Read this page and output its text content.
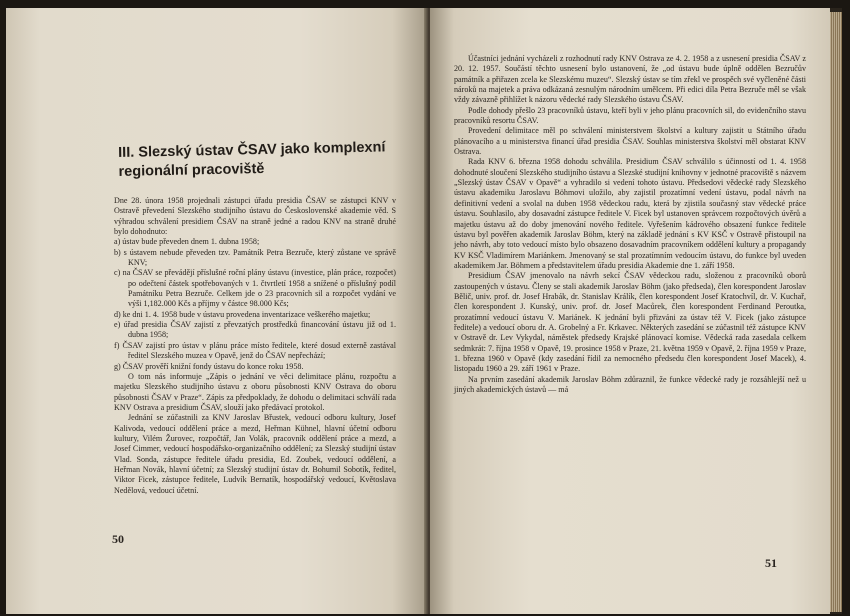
III. Slezský ústav ČSAV jako komplexní regionální pracoviště

Dne 28. února 1958 projednali zástupci úřadu presidia ČSAV se zástupci KNV v Ostravě převedení Slezského studijního ústavu do Československé akademie věd. S výhradou schválení presidiem ČSAV na straně jedné a radou KNV na straně druhé bylo dohodnuto:

a) ústav bude převeden dnem 1. dubna 1958;

b) s ústavem nebude převeden tzv. Památník Petra Bezruče, který zůstane ve správě KNV;

c) na ČSAV se převádějí příslušné roční plány ústavu (investice, plán práce, rozpočet) po odečtení částek spotřebovaných v 1. čtvrtletí 1958 a snížené o příslušný podíl Památníku Petra Bezruče. Celkem jde o 23 pracovních sil a rozpočet vydání ve výši 1,182.000 Kčs a příjmy v částce 98.000 Kčs;

d) ke dni 1. 4. 1958 bude v ústavu provedena inventarizace veškerého majetku;

e) úřad presidia ČSAV zajistí z převzatých prostředků financování ústavu již od 1. dubna 1958;

f) ČSAV zajistí pro ústav v plánu práce místo ředitele, které dosud externě zastával ředitel Slezského muzea v Opavě, jenž do ČSAV nepřechází;

g) ČSAV prověří knižní fondy ústavu do konce roku 1958.

O tom nás informuje „Zápis o jednání ve věci delimitace plánu, rozpočtu a majetku Slezského studijního ústavu z oboru působnosti KNV Ostrava do oboru působnosti ČSAV v Praze“. Zápis za předpoklady, že dohodu o delimitaci schválí rada KNV Ostrava a presidium ČSAV, slouží jako předávací protokol.

Jednání se zúčastnili za KNV Jaroslav Břustek, vedoucí odboru kultury, Josef Kalivoda, vedoucí oddělení práce a mezd, Heřman Kühnel, hlavní účetní odboru kultury, Vilém Žurovec, rozpočtář, Jan Volák, pracovník oddělení práce a mezd, a Josef Cimmer, vedoucí hospodářsko-organizačního oddělení; za Slezský studijní ústav Vlad. Sonda, zástupce ředitele úřadu presidia, Ed. Zoubek, vedoucí oddělení, a Heřman Novák, hlavní účetní; za Slezský studijní ústav dr. Bohumil Sobotík, ředitel, Viktor Ficek, zástupce ředitele, Ludvík Bernatík, hospodářský vedoucí, Květoslava Nedělová, vedoucí účetní.

50

Účastníci jednání vycházeli z rozhodnutí rady KNV Ostrava ze 4. 2. 1958 a z usnesení presidia ČSAV z 20. 12. 1957. Součástí těchto usnesení bylo ustanovení, že „od ústavu bude úplně oddělen Bezručův památník a přiřazen zcela ke Slezskému muzeu“. Slezský ústav se tím zřekl ve prospěch své vyčleněné části nároků na majetek a práva odkázaná zesnulým národním umělcem. Při edici díla Petra Bezruče měl se však vždy závazně přihlížet k názoru vědecké rady Slezského ústavu ČSAV.

Podle dohody přešlo 23 pracovníků ústavu, kteří byli v jeho plánu pracovních sil, do evidenčního stavu pracovníků resortu ČSAV.

Provedení delimitace měl po schválení ministerstvem školství a kultury zajistit u Státního úřadu plánovacího a u ministerstva financí úřad presidia ČSAV. Souhlas ministerstva školství měl obstarat KNV Ostrava.

Rada KNV 6. března 1958 dohodu schválila. Presidium ČSAV schválilo s účinností od 1. 4. 1958 dohodnuté sloučení Slezského studijního ústavu a Slezské studijní knihovny v jednotné pracoviště s názvem „Slezský ústav ČSAV v Opavě“ a vyhradilo si vedení tohoto ústavu. Předsedovi vědecké rady Slezského ústavu akademiku Jaroslavu Böhmovi uložilo, aby zajistil prozatímní vedení ústavu, podal návrh na definitivní vedení a svolal na duben 1958 vědeckou radu, která by zjistila současný stav vědecké práce ústavu. Souhlasilo, aby dosavadní zástupce ředitele V. Ficek byl ustanoven správcem rozpočtových úvěrů a majetku ústavu až do doby jmenování nového ředitele. Vyřešením kádrového obsazení funkce ředitele ústavu byl pověřen akademik Jaroslav Böhm, který na základě jednání s KV KSČ v Ostravě přistoupil na jeho návrh, aby toto vedoucí místo bylo obsazeno dosavadním pracovníkem oddělení kultury a propagandy KV KSČ Vladimírem Mariánkem. Jmenovaný se stal prozatímním vedoucím ústavu, do funkce byl uveden akademikem Jar. Böhmem a představitelem úřadu presidia Akademie dne 1. září 1958.

Presidium ČSAV jmenovalo na návrh sekcí ČSAV vědeckou radu, složenou z pracovníků oborů zastoupených v ústavu. Členy se stali akademik Jaroslav Böhm (jako předseda), člen korespondent Jaroslav Bělič, univ. prof. dr. Josef Hrabák, dr. Stanislav Králík, člen korespondent Josef Kratochvíl, dr. V. Kuchař, člen korespondent J. Kunský, univ. prof. dr. Josef Macůrek, člen korespondent Ferdinand Peroutka, prozatímní vedoucí ústavu V. Mariánek. K jednání byli přizváni za ústav též V. Ficek (jako zástupce ředitele) a vedoucí oboru dr. A. Grobelný a Fr. Krkavec. Některých zasedání se zúčastnil též zástupce KNV v Ostravě dr. Lev Vykydal, náměstek předsedy Krajské plánovací komise. Vědecká rada zasedala celkem sedmkrát: 7. října 1958 v Opavě, 19. prosince 1958 v Praze, 21. května 1959 v Opavě, 2. října 1959 v Praze, 1. března 1960 v Opavě (kdy zasedání řídil za nemocného předsedu člen korespondent Josef Macek), 4. listopadu 1960 a 29. září 1961 v Praze.

Na prvním zasedání akademik Jaroslav Böhm zdůraznil, že funkce vědecké rady je rozsáhlejší než u jiných akademických ústavů — má

51
